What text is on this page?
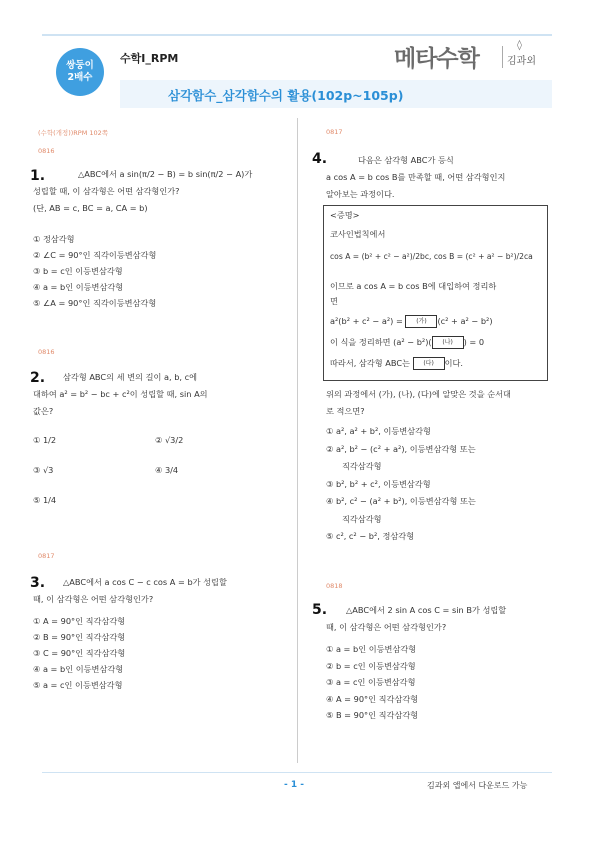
쌍둥이
2배수
수학Ⅰ_RPM	메타수학
◊
김과외
삼각함수_삼각함수의 활용(102p~105p)
(수학(개정))RPM 102쪽
0816
1.	△ABC에서 a sin(π/2 − B) = b sin(π/2 − A)가
성립할 때, 이 삼각형은 어떤 삼각형인가?
(단, AB = c, BC = a, CA = b)
① 정삼각형
② ∠C = 90°인 직각이등변삼각형
③ b = c인 이등변삼각형
④ a = b인 이등변삼각형
⑤ ∠A = 90°인 직각이등변삼각형
0816
2.	삼각형 ABC의 세 변의 길이 a, b, c에
대하여 a² = b² − bc + c²이 성립할 때, sin A의
값은?
① 1/2	② √3/2
③ √3	④ 3/4
⑤ 1/4
0817
3.	△ABC에서 a cos C − c cos A = b가 성립할
때, 이 삼각형은 어떤 삼각형인가?
① A = 90°인 직각삼각형
② B = 90°인 직각삼각형
③ C = 90°인 직각삼각형
④ a = b인 이등변삼각형
⑤ a = c인 이등변삼각형
0817
4.	다음은 삼각형 ABC가 등식
a cos A = b cos B를 만족할 때, 어떤 삼각형인지
알아보는 과정이다.
<증명>
코사인법칙에서
cos A = (b² + c² − a²)/2bc, cos B = (c² + a² − b²)/2ca
이므로 a cos A = b cos B에 대입하여 정리하
면
a²(b² + c² − a²) = (가) (c² + a² − b²)
이 식을 정리하면 (a² − b²)( (나) ) = 0
따라서, 삼각형 ABC는 (다) 이다.
위의 과정에서 (가), (나), (다)에 알맞은 것을 순서대
로 적으면?
① a², a² + b², 이등변삼각형
② a², b² − (c² + a²), 이등변삼각형 또는
직각삼각형
③ b², b² + c², 이등변삼각형
④ b², c² − (a² + b²), 이등변삼각형 또는
직각삼각형
⑤ c², c² − b², 정삼각형
0818
5.	△ABC에서 2 sin A cos C = sin B가 성립할
때, 이 삼각형은 어떤 삼각형인가?
① a = b인 이등변삼각형
② b = c인 이등변삼각형
③ a = c인 이등변삼각형
④ A = 90°인 직각삼각형
⑤ B = 90°인 직각삼각형
- 1 -	김과외 앱에서 다운로드 가능
